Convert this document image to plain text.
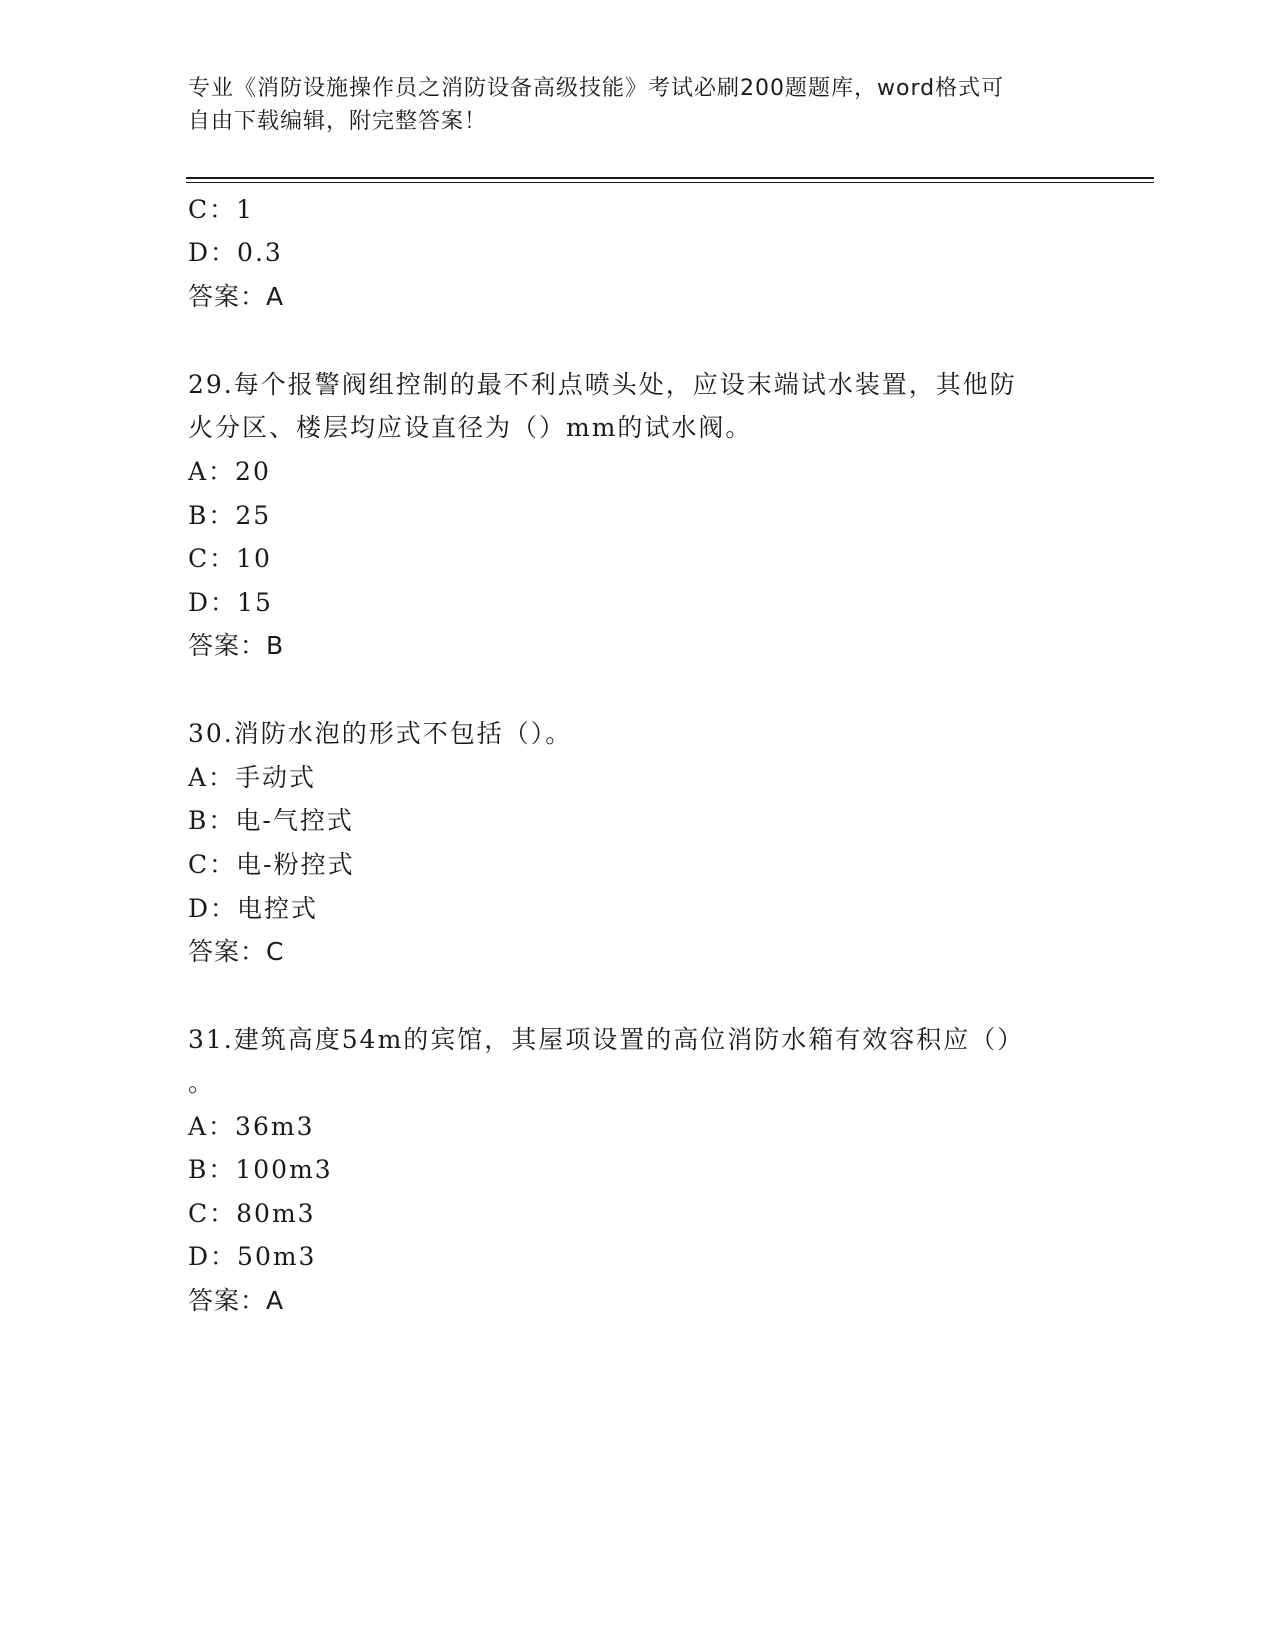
专业《消防设施操作员之消防设备高级技能》考试必刷200题题库，word格式可
自由下载编辑，附完整答案！
C：1
D：0.3
答案：A
29.每个报警阀组控制的最不利点喷头处，应设末端试水装置，其他防
火分区、楼层均应设直径为（）mm的试水阀。
A：20
B：25
C：10
D：15
答案：B
30.消防水泡的形式不包括（）。
A：手动式
B：电-气控式
C：电-粉控式
D：电控式
答案：C
31.建筑高度54m的宾馆，其屋项设置的高位消防水箱有效容积应（）
。
A：36m3
B：100m3
C：80m3
D：50m3
答案：A
